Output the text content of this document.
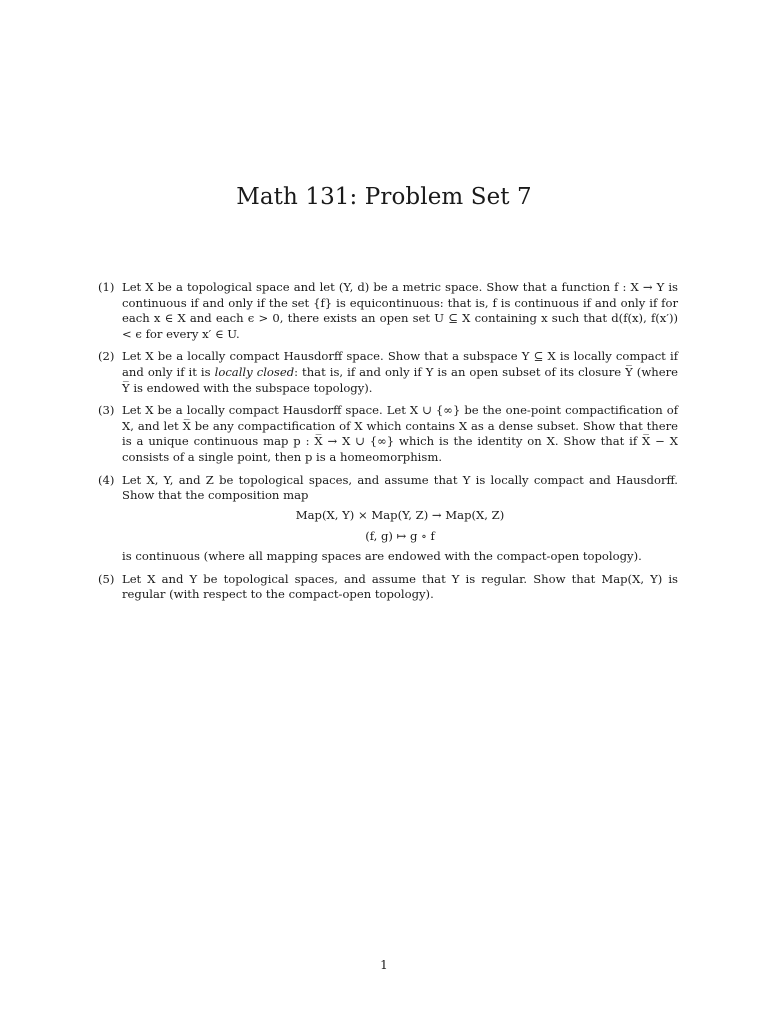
Math 131: Problem Set 7
(1) Let X be a topological space and let (Y, d) be a metric space. Show that a function f : X → Y is continuous if and only if the set {f} is equicontinuous: that is, f is continuous if and only if for each x ∈ X and each ϵ > 0, there exists an open set U ⊆ X containing x such that d(f(x), f(x′)) < ϵ for every x′ ∈ U.
(2) Let X be a locally compact Hausdorff space. Show that a subspace Y ⊆ X is locally compact if and only if it is locally closed: that is, if and only if Y is an open subset of its closure Y̅ (where Y̅ is endowed with the subspace topology).
(3) Let X be a locally compact Hausdorff space. Let X ∪ {∞} be the one-point compactification of X, and let X̅ be any compactification of X which contains X as a dense subset. Show that there is a unique continuous map p : X̅ → X ∪ {∞} which is the identity on X. Show that if X̅ − X consists of a single point, then p is a homeomorphism.
(4) Let X, Y, and Z be topological spaces, and assume that Y is locally compact and Hausdorff. Show that the composition map
Map(X, Y) × Map(Y, Z) → Map(X, Z)
(f, g) ↦ g ∘ f
is continuous (where all mapping spaces are endowed with the compact-open topology).
(5) Let X and Y be topological spaces, and assume that Y is regular. Show that Map(X, Y) is regular (with respect to the compact-open topology).
1
